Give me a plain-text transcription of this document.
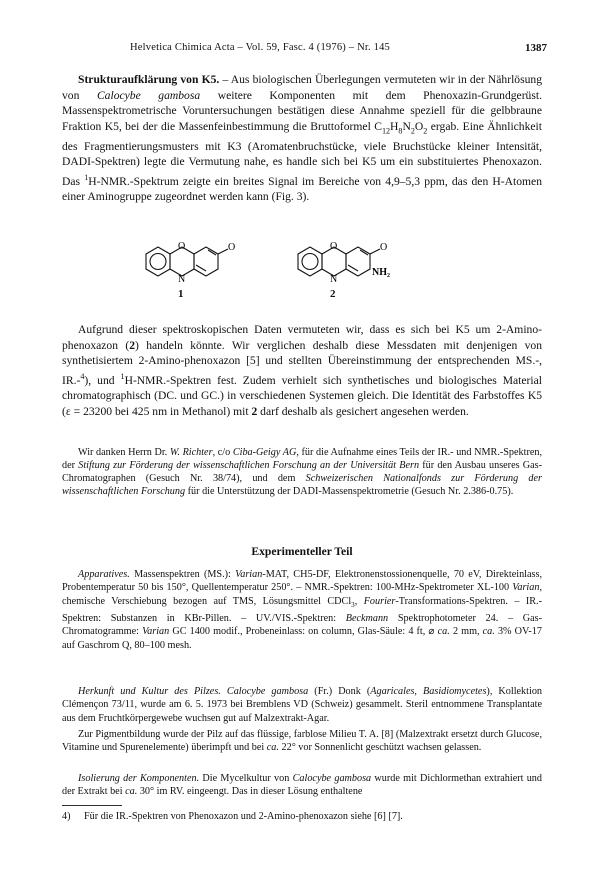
Helvetica Chimica Acta – Vol. 59, Fasc. 4 (1976) – Nr. 145	1387

Strukturaufklärung von K5. – Aus biologischen Überlegungen vermuteten wir in der Nährlösung von Calocybe gambosa weitere Komponenten mit dem Phenoxazin-Grundgerüst. Massenspektrometrische Voruntersuchungen bestätigen diese Annahme speziell für die gelbbraune Fraktion K5, bei der die Massenfeinbestimmung die Bruttoformel $C_{12}H_8N_2O_2$ ergab. Eine Ähnlichkeit des Fragmentierungsmusters mit K3 (Aromatenbruchstücke, viele Bruchstücke kleiner Intensität, DADI-Spektren) legte die Vermutung nahe, es handle sich bei K5 um ein substituiertes Phenoxazon. Das $^1$H-NMR.-Spektrum zeigte ein breites Signal im Bereiche von 4,9–5,3 ppm, das den H-Atomen einer Aminogruppe zugeordnet werden kann (Fig. 3).

O
N
O	O
N
O
NH₂
1	2

Aufgrund dieser spektroskopischen Daten vermuteten wir, dass es sich bei K5 um 2-Amino-phenoxazon (2) handeln könnte. Wir verglichen deshalb diese Messdaten mit denjenigen von synthetisiertem 2-Amino-phenoxazon [5] und stellten Übereinstimmung der entsprechenden MS.-, IR.-$^4$), und $^1$H-NMR.-Spektren fest. Zudem verhielt sich synthetisches und biologisches Material chromatographisch (DC. und GC.) in verschiedenen Systemen gleich. Die Identität des Farbstoffes K5 (ε = 23200 bei 425 nm in Methanol) mit 2 darf deshalb als gesichert angesehen werden.

Wir danken Herrn Dr. W. Richter, c/o Ciba-Geigy AG, für die Aufnahme eines Teils der IR.- und NMR.-Spektren, der Stiftung zur Förderung der wissenschaftlichen Forschung an der Universität Bern für den Ausbau unseres Gas-Chromatographen (Gesuch Nr. 38/74), und dem Schweizerischen Nationalfonds zur Förderung der wissenschaftlichen Forschung für die Unterstützung der DADI-Massenspektrometrie (Gesuch Nr. 2.386-0.75).

Experimenteller Teil

Apparatives. Massenspektren (MS.): Varian-MAT, CH5-DF, Elektronenstossionenquelle, 70 eV, Direkteinlass, Probentemperatur 50 bis 150°, Quellentemperatur 250°. – NMR.-Spektren: 100-MHz-Spektrometer XL-100 Varian, chemische Verschiebung bezogen auf TMS, Lösungsmittel CDCl$_3$, Fourier-Transformations-Spektren. – IR.-Spektren: Substanzen in KBr-Pillen. – UV./VIS.-Spektren: Beckmann Spektrophotometer 24. – Gas-Chromatogramme: Varian GC 1400 modif., Probeneinlass: on column, Glas-Säule: 4 ft, ⌀ ca. 2 mm, ca. 3% OV-17 auf Gaschrom Q, 80–100 mesh.

Herkunft und Kultur des Pilzes. Calocybe gambosa (Fr.) Donk (Agaricales, Basidiomycetes), Kollektion Clémençon 73/11, wurde am 6. 5. 1973 bei Bremblens VD (Schweiz) gesammelt. Steril entnommene Transplantate aus dem Fruchtkörpergewebe wuchsen gut auf Malzextrakt-Agar.

Zur Pigmentbildung wurde der Pilz auf das flüssige, farblose Milieu T. A. [8] (Malzextrakt ersetzt durch Glucose, Vitamine und Spurenelemente) überimpft und bei ca. 22° vor Sonnenlicht geschützt wachsen gelassen.

Isolierung der Komponenten. Die Mycelkultur von Calocybe gambosa wurde mit Dichlormethan extrahiert und der Extrakt bei ca. 30° im RV. eingeengt. Das in dieser Lösung enthaltene

4) Für die IR.-Spektren von Phenoxazon und 2-Amino-phenoxazon siehe [6] [7].
